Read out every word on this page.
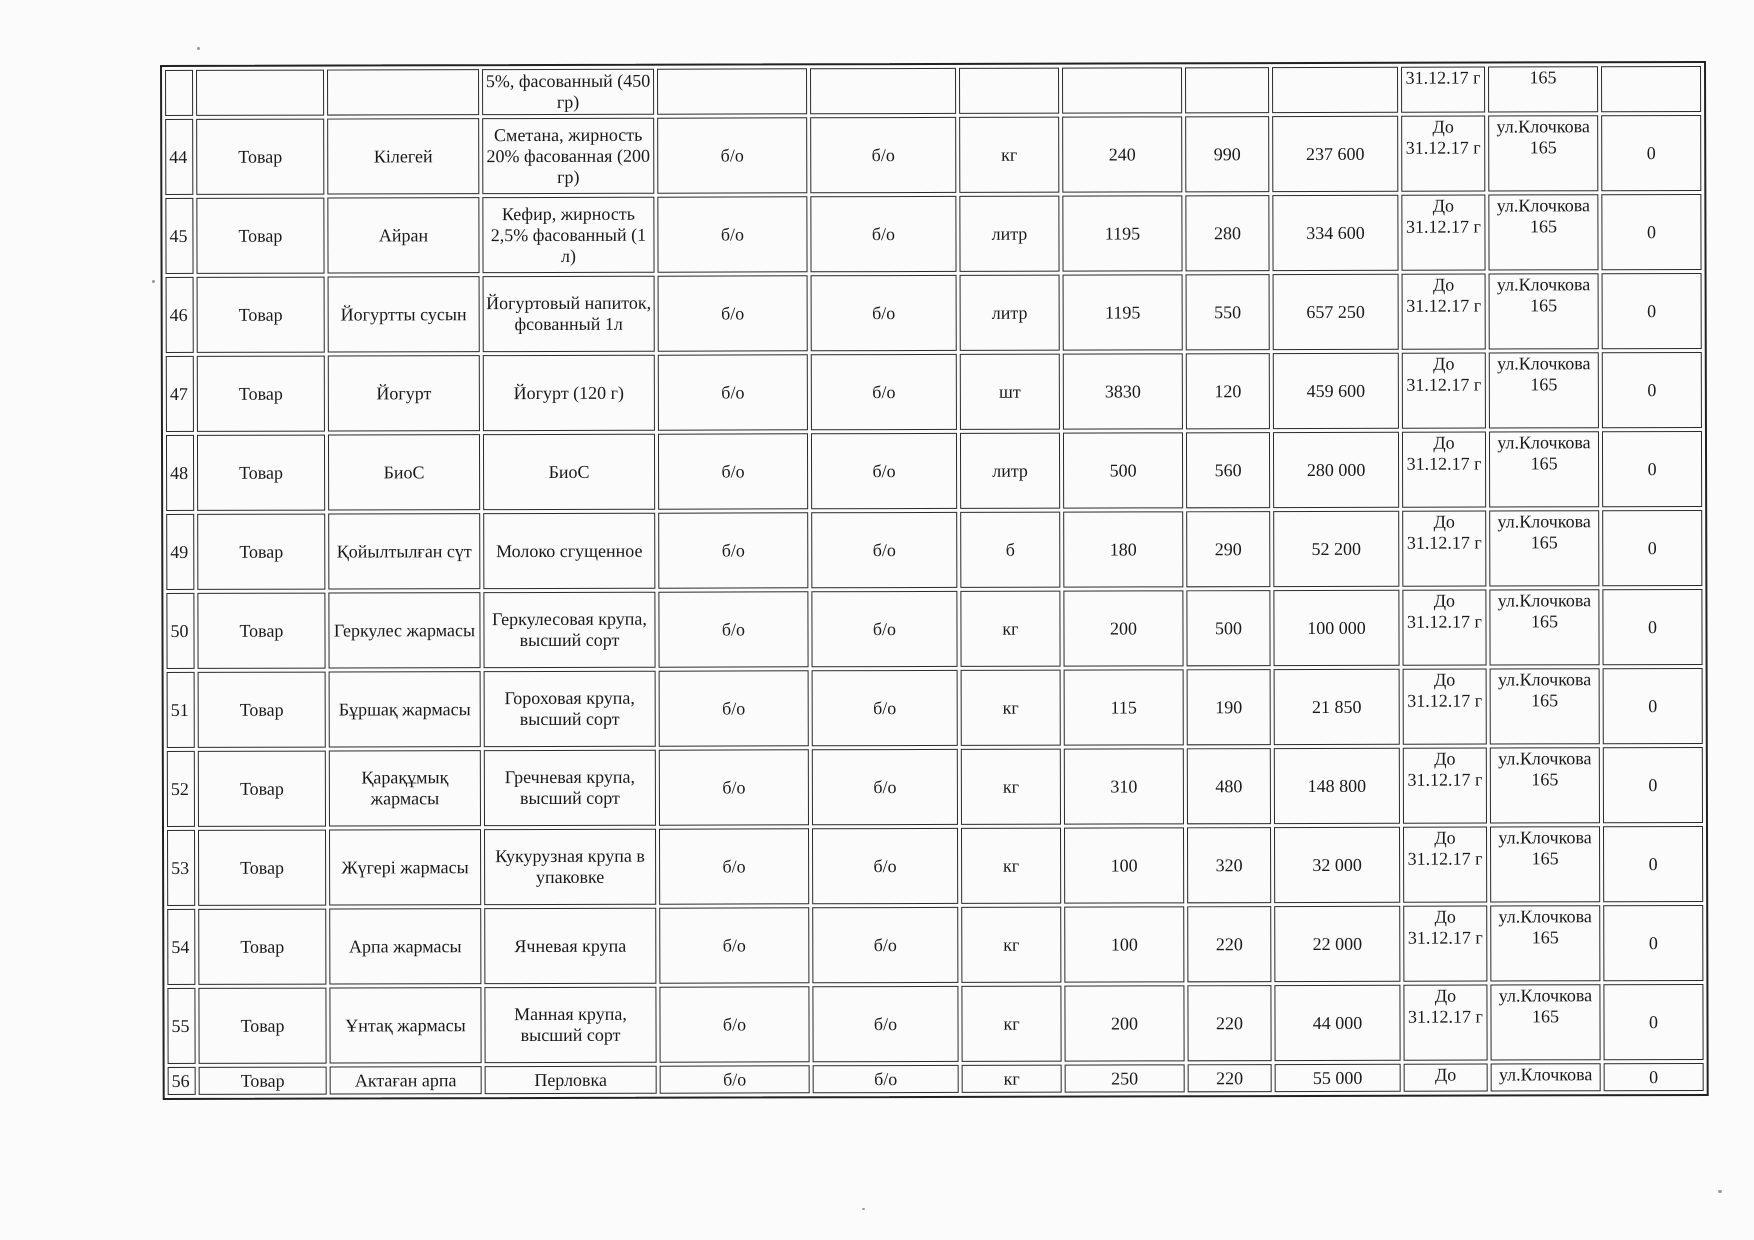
			5%, фасованный (450 гр)							31.12.17 г	165	
44	Товар	Кілегей	Сметана, жирность 20% фасованная (200 гр)	б/о	б/о	кг	240	990	237 600	До 31.12.17 г	ул.Клочкова 165	0
45	Товар	Айран	Кефир, жирность 2,5% фасованный (1 л)	б/о	б/о	литр	1195	280	334 600	До 31.12.17 г	ул.Клочкова 165	0
46	Товар	Йогуртты сусын	Йогуртовый напиток, фсованный 1л	б/о	б/о	литр	1195	550	657 250	До 31.12.17 г	ул.Клочкова 165	0
47	Товар	Йогурт	Йогурт (120 г)	б/о	б/о	шт	3830	120	459 600	До 31.12.17 г	ул.Клочкова 165	0
48	Товар	БиоС	БиоС	б/о	б/о	литр	500	560	280 000	До 31.12.17 г	ул.Клочкова 165	0
49	Товар	Қойылтылған сүт	Молоко сгущенное	б/о	б/о	б	180	290	52 200	До 31.12.17 г	ул.Клочкова 165	0
50	Товар	Геркулес жармасы	Геркулесовая крупа, высший сорт	б/о	б/о	кг	200	500	100 000	До 31.12.17 г	ул.Клочкова 165	0
51	Товар	Бұршақ жармасы	Гороховая крупа, высший сорт	б/о	б/о	кг	115	190	21 850	До 31.12.17 г	ул.Клочкова 165	0
52	Товар	Қарақұмық жармасы	Гречневая крупа, высший сорт	б/о	б/о	кг	310	480	148 800	До 31.12.17 г	ул.Клочкова 165	0
53	Товар	Жүгері жармасы	Кукурузная крупа в упаковке	б/о	б/о	кг	100	320	32 000	До 31.12.17 г	ул.Клочкова 165	0
54	Товар	Арпа жармасы	Ячневая крупа	б/о	б/о	кг	100	220	22 000	До 31.12.17 г	ул.Клочкова 165	0
55	Товар	Ұнтақ жармасы	Манная крупа, высший сорт	б/о	б/о	кг	200	220	44 000	До 31.12.17 г	ул.Клочкова 165	0
56	Товар	Актаған арпа	Перловка	б/о	б/о	кг	250	220	55 000	До	ул.Клочкова	0
